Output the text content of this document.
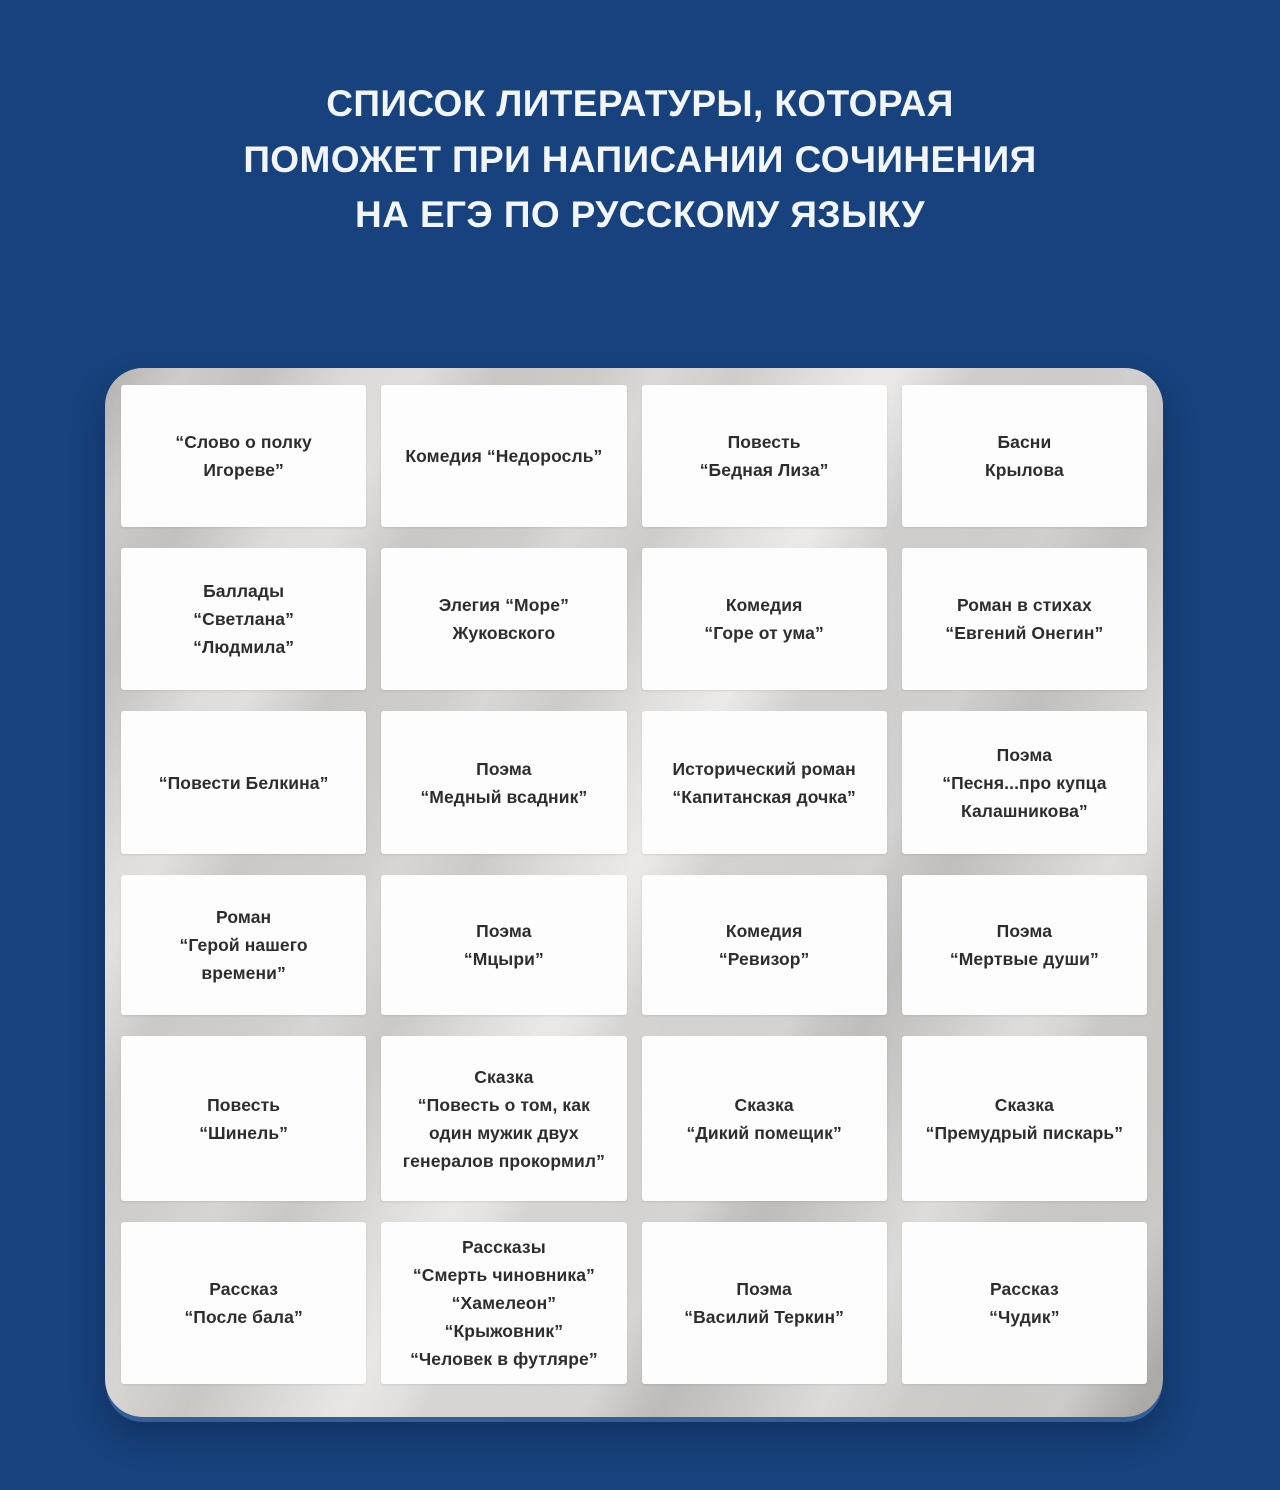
СПИСОК ЛИТЕРАТУРЫ, КОТОРАЯ
ПОМОЖЕТ ПРИ НАПИСАНИИ СОЧИНЕНИЯ
НА ЕГЭ ПО РУССКОМУ ЯЗЫКУ
“Слово о полку
Игореве”
Комедия “Недоросль”
Повесть
“Бедная Лиза”
Басни
Крылова
Баллады
“Светлана”
“Людмила”
Элегия “Море”
Жуковского
Комедия
“Горе от ума”
Роман в стихах
“Евгений Онегин”
“Повести Белкина”
Поэма
“Медный всадник”
Исторический роман
“Капитанская дочка”
Поэма
“Песня...про купца
Калашникова”
Роман
“Герой нашего
времени”
Поэма
“Мцыри”
Комедия
“Ревизор”
Поэма
“Мертвые души”
Повесть
“Шинель”
Сказка
“Повесть о том, как
один мужик двух
генералов прокормил”
Сказка
“Дикий помещик”
Сказка
“Премудрый пискарь”
Рассказ
“После бала”
Рассказы
“Смерть чиновника”
“Хамелеон”
“Крыжовник”
“Человек в футляре”
Поэма
“Василий Теркин”
Рассказ
“Чудик”
